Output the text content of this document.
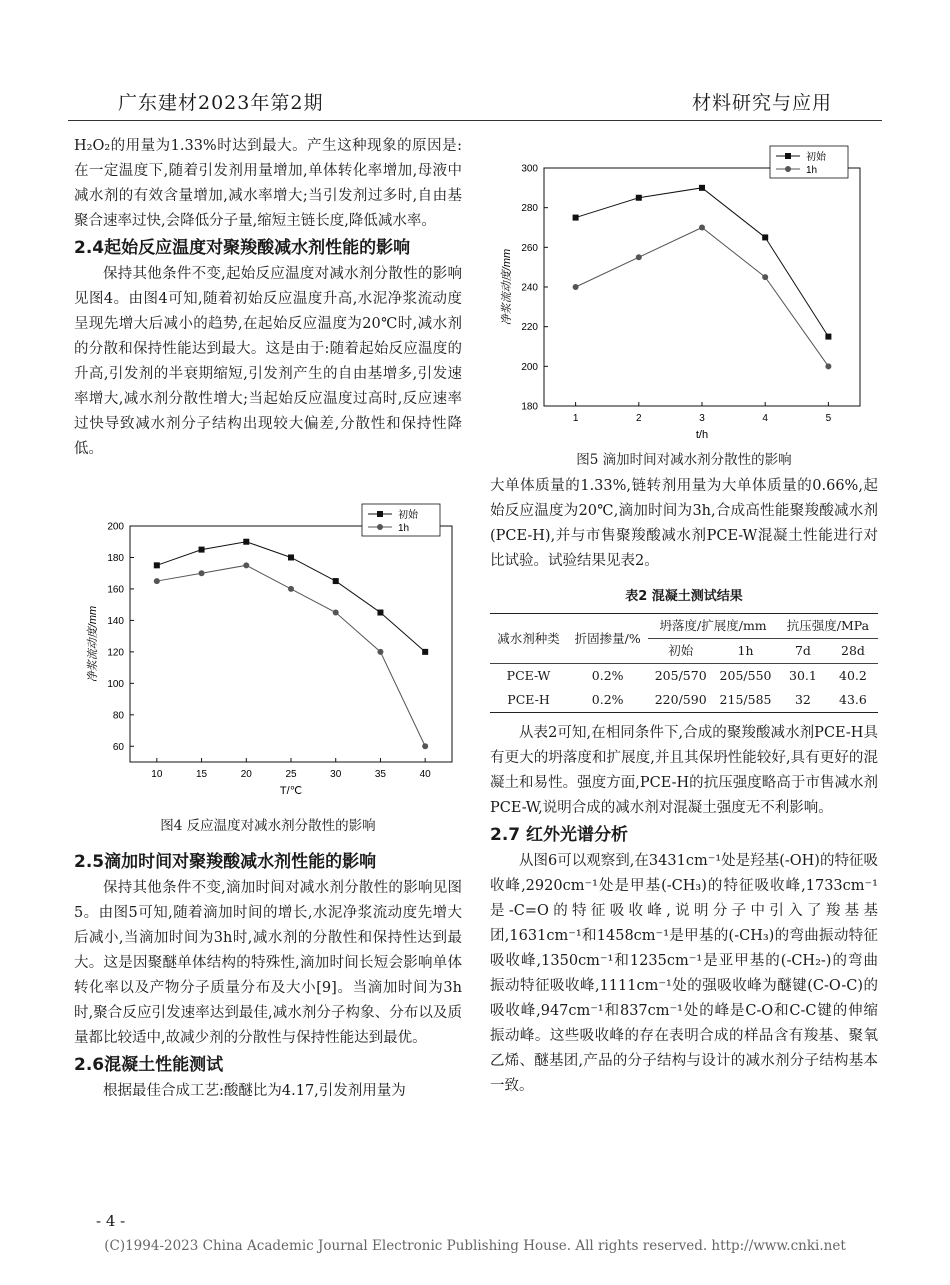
广东建材2023年第2期	材料研究与应用

H₂O₂的用量为1.33%时达到最大。产生这种现象的原因是:在一定温度下,随着引发剂用量增加,单体转化率增加,母液中减水剂的有效含量增加,减水率增大;当引发剂过多时,自由基聚合速率过快,会降低分子量,缩短主链长度,降低减水率。

2.4起始反应温度对聚羧酸减水剂性能的影响

保持其他条件不变,起始反应温度对减水剂分散性的影响见图4。由图4可知,随着初始反应温度升高,水泥净浆流动度呈现先增大后减小的趋势,在起始反应温度为20℃时,减水剂的分散和保持性能达到最大。这是由于:随着起始反应温度的升高,引发剂的半衰期缩短,引发剂产生的自由基增多,引发速率增大,减水剂分散性增大;当起始反应温度过高时,反应速率过快导致减水剂分子结构出现较大偏差,分散性和保持性降低。

60
80
100
120
140
160
180
200
10	15	20	25	30	35	40
T/℃
净浆流动度/mm
初始
1h
图4 反应温度对减水剂分散性的影响
2.5滴加时间对聚羧酸减水剂性能的影响

保持其他条件不变,滴加时间对减水剂分散性的影响见图5。由图5可知,随着滴加时间的增长,水泥净浆流动度先增大后减小,当滴加时间为3h时,减水剂的分散性和保持性达到最大。这是因聚醚单体结构的特殊性,滴加时间长短会影响单体转化率以及产物分子质量分布及大小[9]。当滴加时间为3h时,聚合反应引发速率达到最佳,减水剂分子构象、分布以及质量都比较适中,故减少剂的分散性与保持性能达到最优。

2.6混凝土性能测试

根据最佳合成工艺:酸醚比为4.17,引发剂用量为

180
200
220
240
260
280
300
1	2	3	4	5
t/h
净浆流动度/mm
初始
1h
图5 滴加时间对减水剂分散性的影响

大单体质量的1.33%,链转剂用量为大单体质量的0.66%,起始反应温度为20℃,滴加时间为3h,合成高性能聚羧酸减水剂(PCE-H),并与市售聚羧酸减水剂PCE-W混凝土性能进行对比试验。试验结果见表2。

表2 混凝土测试结果
减水剂种类	折固掺量/%	坍落度/扩展度/mm		抗压强度/MPa	
		初始	1h	7d	28d
PCE-W	0.2%	205/570	205/550	30.1	40.2
PCE-H	0.2%	220/590	215/585	32	43.6

从表2可知,在相同条件下,合成的聚羧酸减水剂PCE-H具有更大的坍落度和扩展度,并且其保坍性能较好,具有更好的混凝土和易性。强度方面,PCE-H的抗压强度略高于市售减水剂PCE-W,说明合成的减水剂对混凝土强度无不利影响。

2.7 红外光谱分析

从图6可以观察到,在3431cm⁻¹处是羟基(-OH)的特征吸收峰,2920cm⁻¹处是甲基(-CH₃)的特征吸收峰,1733cm⁻¹是-C=O的特征吸收峰,说明分子中引入了羧基基团,1631cm⁻¹和1458cm⁻¹是甲基的(-CH₃)的弯曲振动特征吸收峰,1350cm⁻¹和1235cm⁻¹是亚甲基的(-CH₂-)的弯曲振动特征吸收峰,1111cm⁻¹处的强吸收峰为醚键(C-O-C)的吸收峰,947cm⁻¹和837cm⁻¹处的峰是C-O和C-C键的伸缩振动峰。这些吸收峰的存在表明合成的样品含有羧基、聚氧乙烯、醚基团,产品的分子结构与设计的减水剂分子结构基本一致。

- 4 -
(C)1994-2023 China Academic Journal Electronic Publishing House. All rights reserved. http://www.cnki.net
